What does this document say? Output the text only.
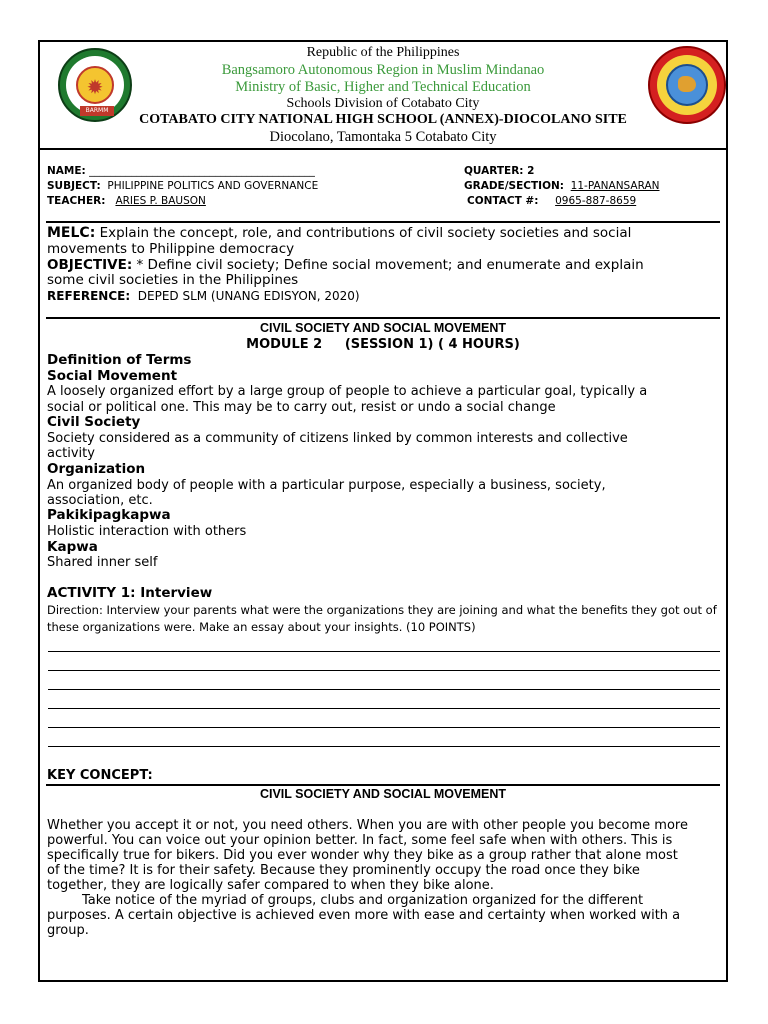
✹
BARMM
Republic of the Philippines
Bangsamoro Autonomous Region in Muslim Mindanao
Ministry of Basic, Higher and Technical Education
Schools Division of Cotabato City
COTABATO CITY NATIONAL HIGH SCHOOL (ANNEX)-DIOCOLANO SITE
Diocolano, Tamontaka 5 Cotabato City
NAME: ___________________________________________
SUBJECT: PHILIPPINE POLITICS AND GOVERNANCE
TEACHER: ARIES P. BAUSON
QUARTER: 2
GRADE/SECTION: 11-PANANSARAN
CONTACT #: 0965-887-8659
MELC: Explain the concept, role, and contributions of civil society societies and social
movements to Philippine democracy
OBJECTIVE: * Define civil society; Define social movement; and enumerate and explain
some civil societies in the Philippines
REFERENCE: DEPED SLM (UNANG EDISYON, 2020)
CIVIL SOCIETY AND SOCIAL MOVEMENT
MODULE 2     (SESSION 1) ( 4 HOURS)
Definition of Terms
Social Movement
A loosely organized effort by a large group of people to achieve a particular goal, typically a
social or political one. This may be to carry out, resist or undo a social change
Civil Society
Society considered as a community of citizens linked by common interests and collective
activity
Organization
An organized body of people with a particular purpose, especially a business, society,
association, etc.
Pakikipagkapwa
Holistic interaction with others
Kapwa
Shared inner self
ACTIVITY 1: Interview
Direction: Interview your parents what were the organizations they are joining and what the benefits they got out of
these organizations were. Make an essay about your insights. (10 POINTS)
KEY CONCEPT:
CIVIL SOCIETY AND SOCIAL MOVEMENT
Whether you accept it or not, you need others. When you are with other people you become more
powerful. You can voice out your opinion better. In fact, some feel safe when with others. This is
specifically true for bikers. Did you ever wonder why they bike as a group rather that alone most
of the time? It is for their safety. Because they prominently occupy the road once they bike
together, they are logically safer compared to when they bike alone.
Take notice of the myriad of groups, clubs and organization organized for the different
purposes. A certain objective is achieved even more with ease and certainty when worked with a
group.
